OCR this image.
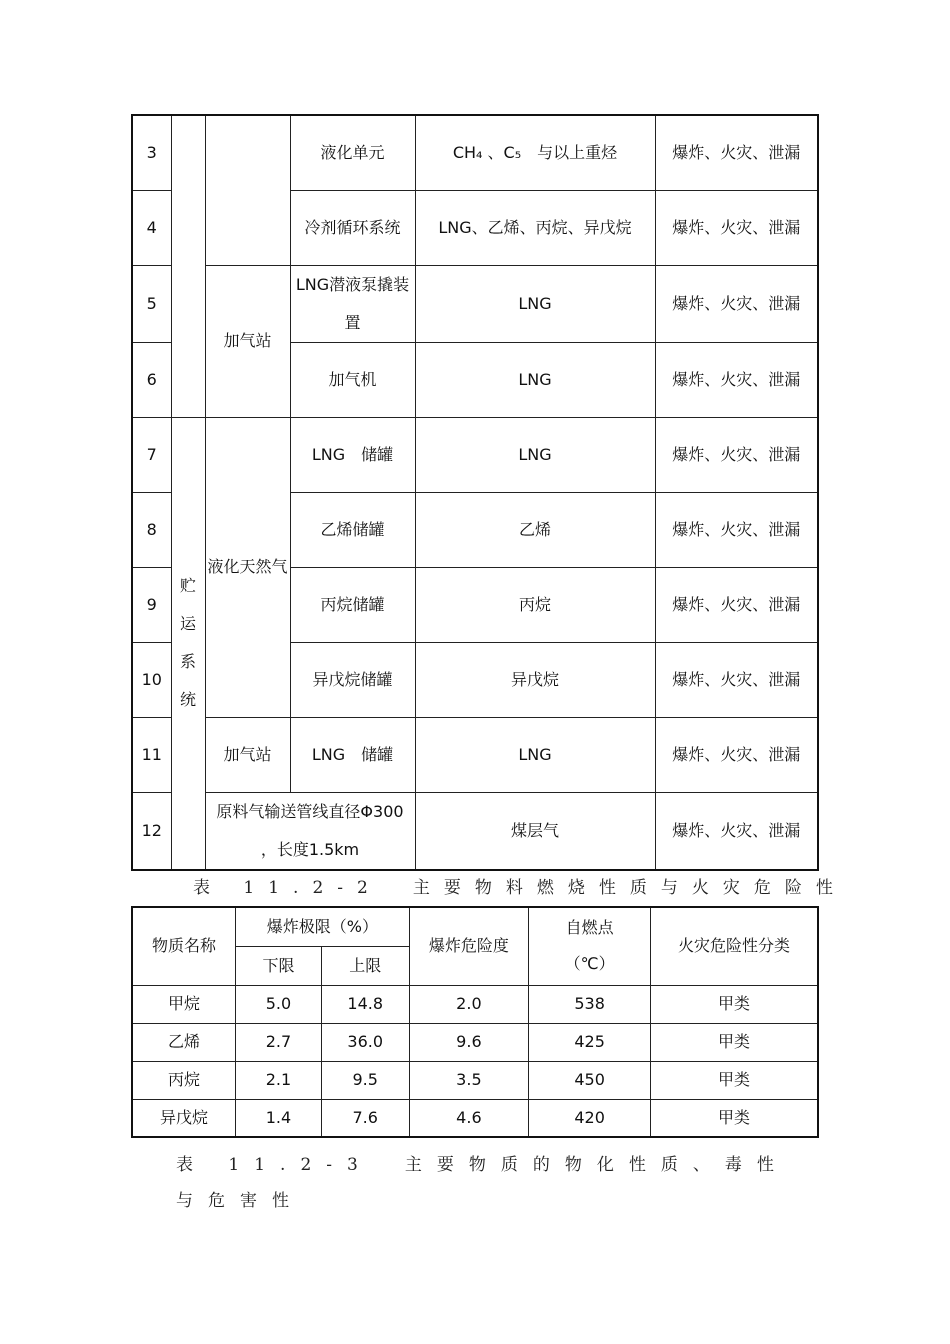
3			液化单元	CH₄ 、C₅　与以上重烃	爆炸、火灾、泄漏
4			冷剂循环系统	LNG、乙烯、丙烷、异戊烷	爆炸、火灾、泄漏
5		加气站	LNG潜液泵撬装置	LNG	爆炸、火灾、泄漏
6			加气机	LNG	爆炸、火灾、泄漏
7	贮运系统	液化天然气	LNG　储罐	LNG	爆炸、火灾、泄漏
8			乙烯储罐	乙烯	爆炸、火灾、泄漏
9			丙烷储罐	丙烷	爆炸、火灾、泄漏
10			异戊烷储罐	异戊烷	爆炸、火灾、泄漏
11		加气站	LNG　储罐	LNG	爆炸、火灾、泄漏
12		原料气输送管线直径Φ300 ，长度1.5km		煤层气	爆炸、火灾、泄漏
表 11.2-2　主要物料燃烧性质与火灾危险性
物质名称	爆炸极限（%）		爆炸危险度	自燃点（℃）	火灾危险性分类
	下限	上限			
甲烷	5.0	14.8	2.0	538	甲类
乙烯	2.7	36.0	9.6	425	甲类
丙烷	2.1	9.5	3.5	450	甲类
异戊烷	1.4	7.6	4.6	420	甲类
表 11.2-3　主要物质的物化性质、毒性与危害性
